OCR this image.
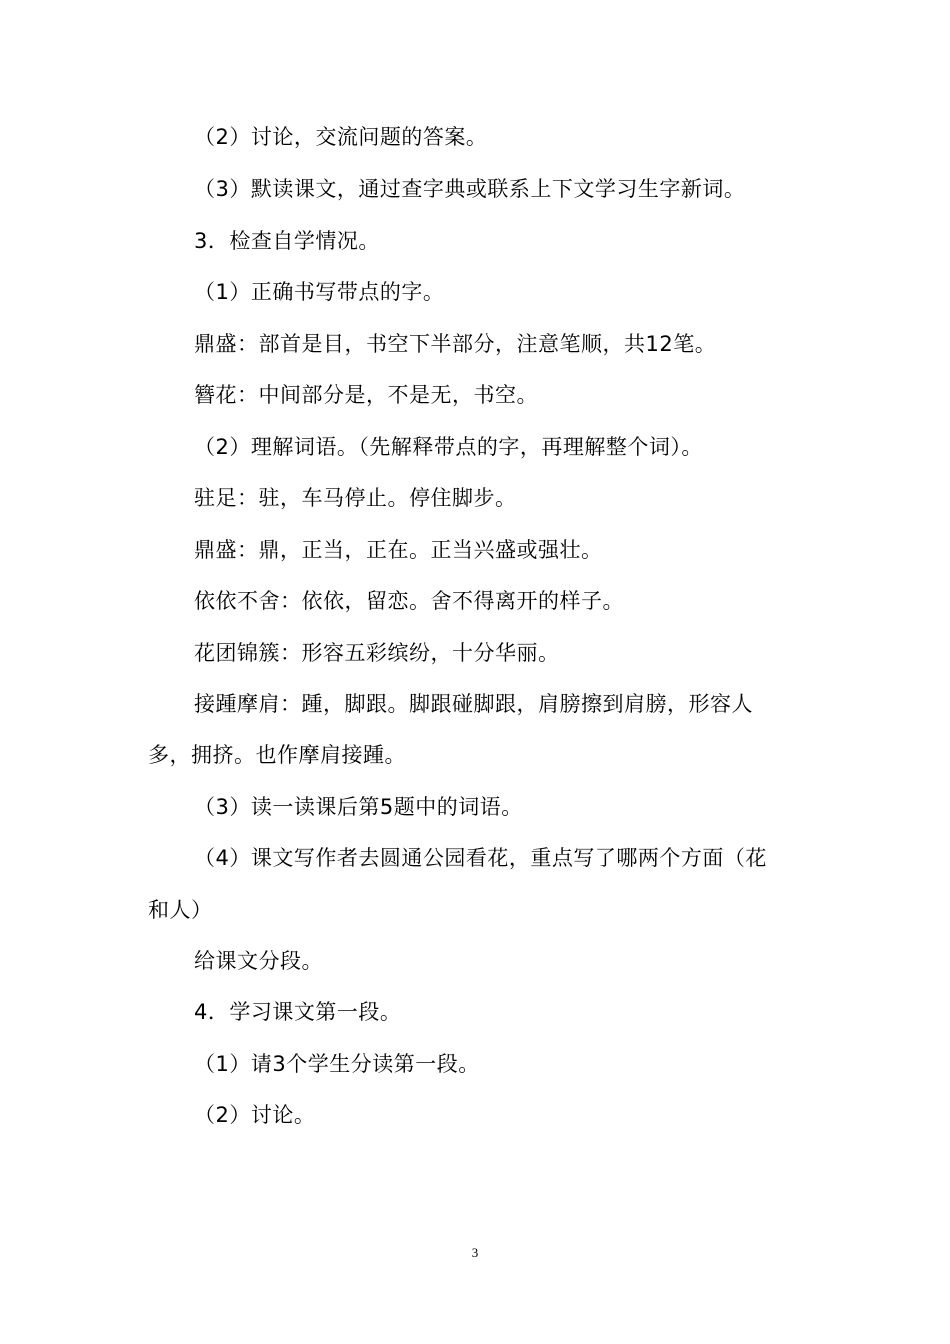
（2）讨论，交流问题的答案。
（3）默读课文，通过查字典或联系上下文学习生字新词。
3．检查自学情况。
（1）正确书写带点的字。
鼎盛：部首是目，书空下半部分，注意笔顺，共12笔。
簪花：中间部分是，不是无，书空。
（2）理解词语。（先解释带点的字，再理解整个词）。
驻足：驻，车马停止。停住脚步。
鼎盛：鼎，正当，正在。正当兴盛或强壮。
依依不舍：依依，留恋。舍不得离开的样子。
花团锦簇：形容五彩缤纷，十分华丽。
接踵摩肩：踵，脚跟。脚跟碰脚跟，肩膀擦到肩膀，形容人
多，拥挤。也作摩肩接踵。
（3）读一读课后第5题中的词语。
（4）课文写作者去圆通公园看花，重点写了哪两个方面（花
和人）
给课文分段。
4．学习课文第一段。
（1）请3个学生分读第一段。
（2）讨论。
3
